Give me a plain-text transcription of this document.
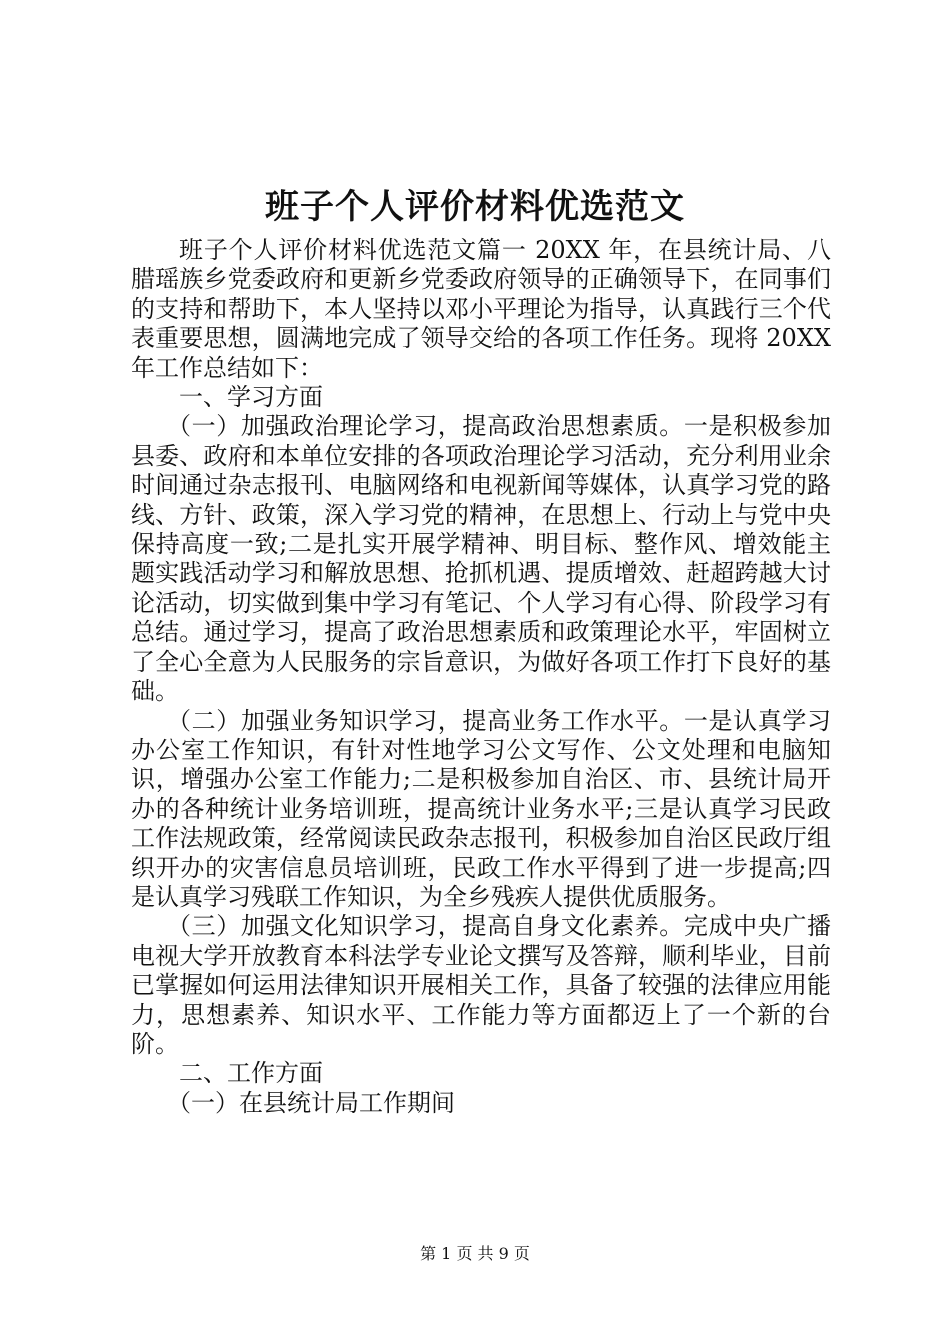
班子个人评价材料优选范文

班子个人评价材料优选范文篇一 20XX 年，在县统计局、八腊瑶族乡党委政府和更新乡党委政府领导的正确领导下，在同事们的支持和帮助下，本人坚持以邓小平理论为指导，认真践行三个代表重要思想，圆满地完成了领导交给的各项工作任务。现将 20XX 年工作总结如下：

一、学习方面

（一）加强政治理论学习，提高政治思想素质。一是积极参加县委、政府和本单位安排的各项政治理论学习活动，充分利用业余时间通过杂志报刊、电脑网络和电视新闻等媒体，认真学习党的路线、方针、政策，深入学习党的精神，在思想上、行动上与党中央保持高度一致;二是扎实开展学精神、明目标、整作风、增效能主题实践活动学习和解放思想、抢抓机遇、提质增效、赶超跨越大讨论活动，切实做到集中学习有笔记、个人学习有心得、阶段学习有总结。通过学习，提高了政治思想素质和政策理论水平，牢固树立了全心全意为人民服务的宗旨意识，为做好各项工作打下良好的基础。

（二）加强业务知识学习，提高业务工作水平。一是认真学习办公室工作知识，有针对性地学习公文写作、公文处理和电脑知识，增强办公室工作能力;二是积极参加自治区、市、县统计局开办的各种统计业务培训班，提高统计业务水平;三是认真学习民政工作法规政策，经常阅读民政杂志报刊，积极参加自治区民政厅组织开办的灾害信息员培训班，民政工作水平得到了进一步提高;四是认真学习残联工作知识，为全乡残疾人提供优质服务。

（三）加强文化知识学习，提高自身文化素养。完成中央广播电视大学开放教育本科法学专业论文撰写及答辩，顺利毕业，目前已掌握如何运用法律知识开展相关工作，具备了较强的法律应用能力，思想素养、知识水平、工作能力等方面都迈上了一个新的台阶。

二、工作方面

（一）在县统计局工作期间

第 1 页 共 9 页
